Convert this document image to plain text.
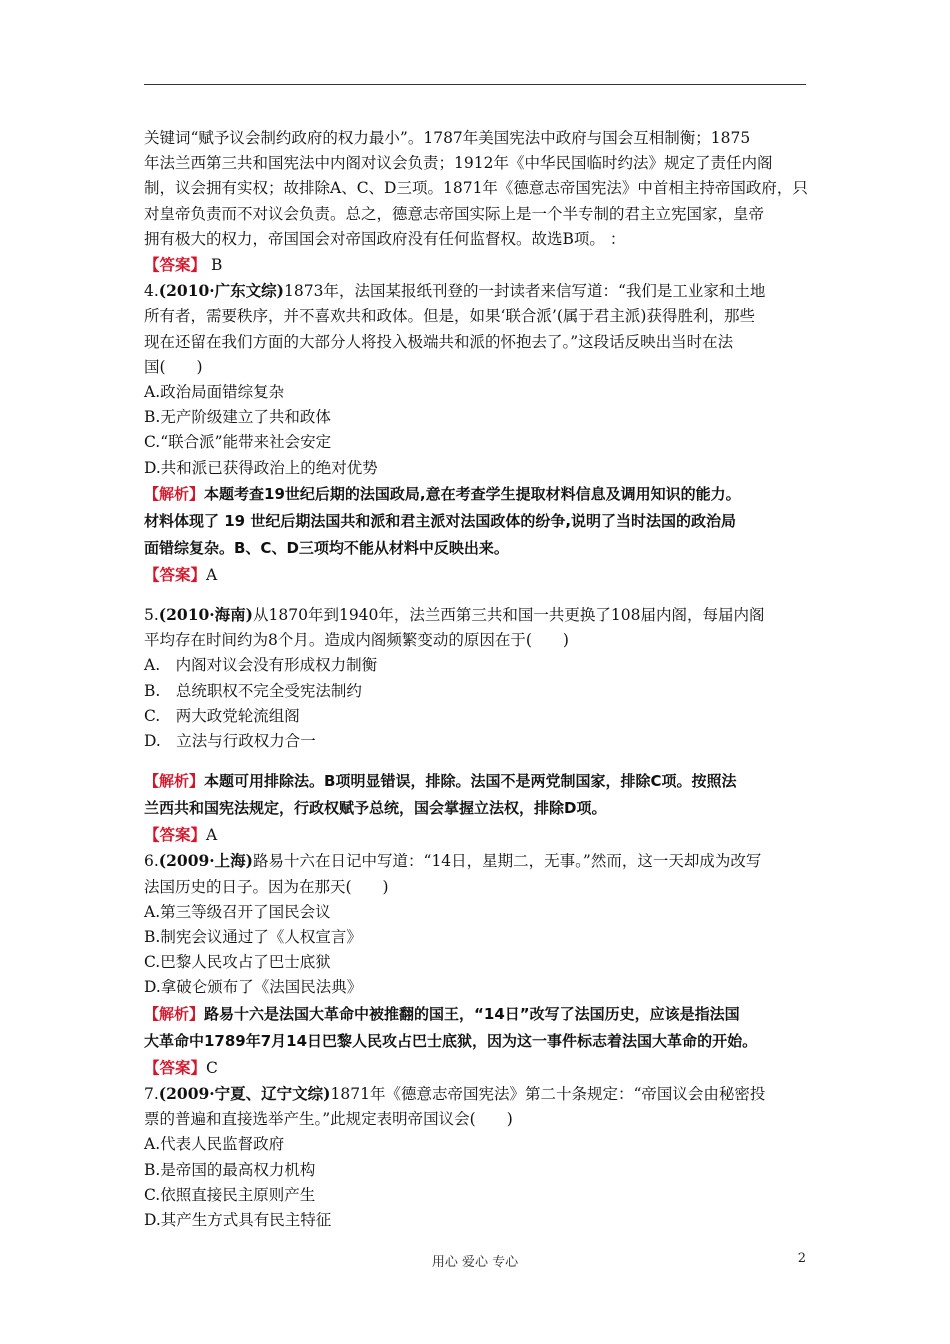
关键词“赋予议会制约政府的权力最小”。1787年美国宪法中政府与国会互相制衡；1875
年法兰西第三共和国宪法中内阁对议会负责；1912年《中华民国临时约法》规定了责任内阁
制，议会拥有实权；故排除A、C、D三项。1871年《德意志帝国宪法》中首相主持帝国政府，只
对皇帝负责而不对议会负责。总之，德意志帝国实际上是一个半专制的君主立宪国家，皇帝
拥有极大的权力，帝国国会对帝国政府没有任何监督权。故选B项。 ：
【答案】 B
4.(2010·广东文综)1873年，法国某报纸刊登的一封读者来信写道：“我们是工业家和土地
所有者，需要秩序，并不喜欢共和政体。但是，如果‘联合派’(属于君主派)获得胜利，那些
现在还留在我们方面的大部分人将投入极端共和派的怀抱去了。”这段话反映出当时在法
国(　　)
A.政治局面错综复杂
B.无产阶级建立了共和政体
C.“联合派”能带来社会安定
D.共和派已获得政治上的绝对优势
【解析】本题考查19世纪后期的法国政局,意在考查学生提取材料信息及调用知识的能力。
材料体现了 19 世纪后期法国共和派和君主派对法国政体的纷争,说明了当时法国的政治局
面错综复杂。B、C、D三项均不能从材料中反映出来。
【答案】A
5.(2010·海南)从1870年到1940年，法兰西第三共和国一共更换了108届内阁，每届内阁
平均存在时间约为8个月。造成内阁频繁变动的原因在于(　　)
A.　内阁对议会没有形成权力制衡
B.　总统职权不完全受宪法制约
C.　两大政党轮流组阁
D.　立法与行政权力合一
【解析】本题可用排除法。B项明显错误，排除。法国不是两党制国家，排除C项。按照法
兰西共和国宪法规定，行政权赋予总统，国会掌握立法权，排除D项。
【答案】A
6.(2009·上海)路易十六在日记中写道：“14日，星期二，无事。”然而，这一天却成为改写
法国历史的日子。因为在那天(　　)
A.第三等级召开了国民会议
B.制宪会议通过了《人权宣言》
C.巴黎人民攻占了巴士底狱
D.拿破仑颁布了《法国民法典》
【解析】路易十六是法国大革命中被推翻的国王，“14日”改写了法国历史，应该是指法国
大革命中1789年7月14日巴黎人民攻占巴士底狱，因为这一事件标志着法国大革命的开始。
【答案】C
7.(2009·宁夏、辽宁文综)1871年《德意志帝国宪法》第二十条规定：“帝国议会由秘密投
票的普遍和直接选举产生。”此规定表明帝国议会(　　)
A.代表人民监督政府
B.是帝国的最高权力机构
C.依照直接民主原则产生
D.其产生方式具有民主特征
用心 爱心 专心	2
